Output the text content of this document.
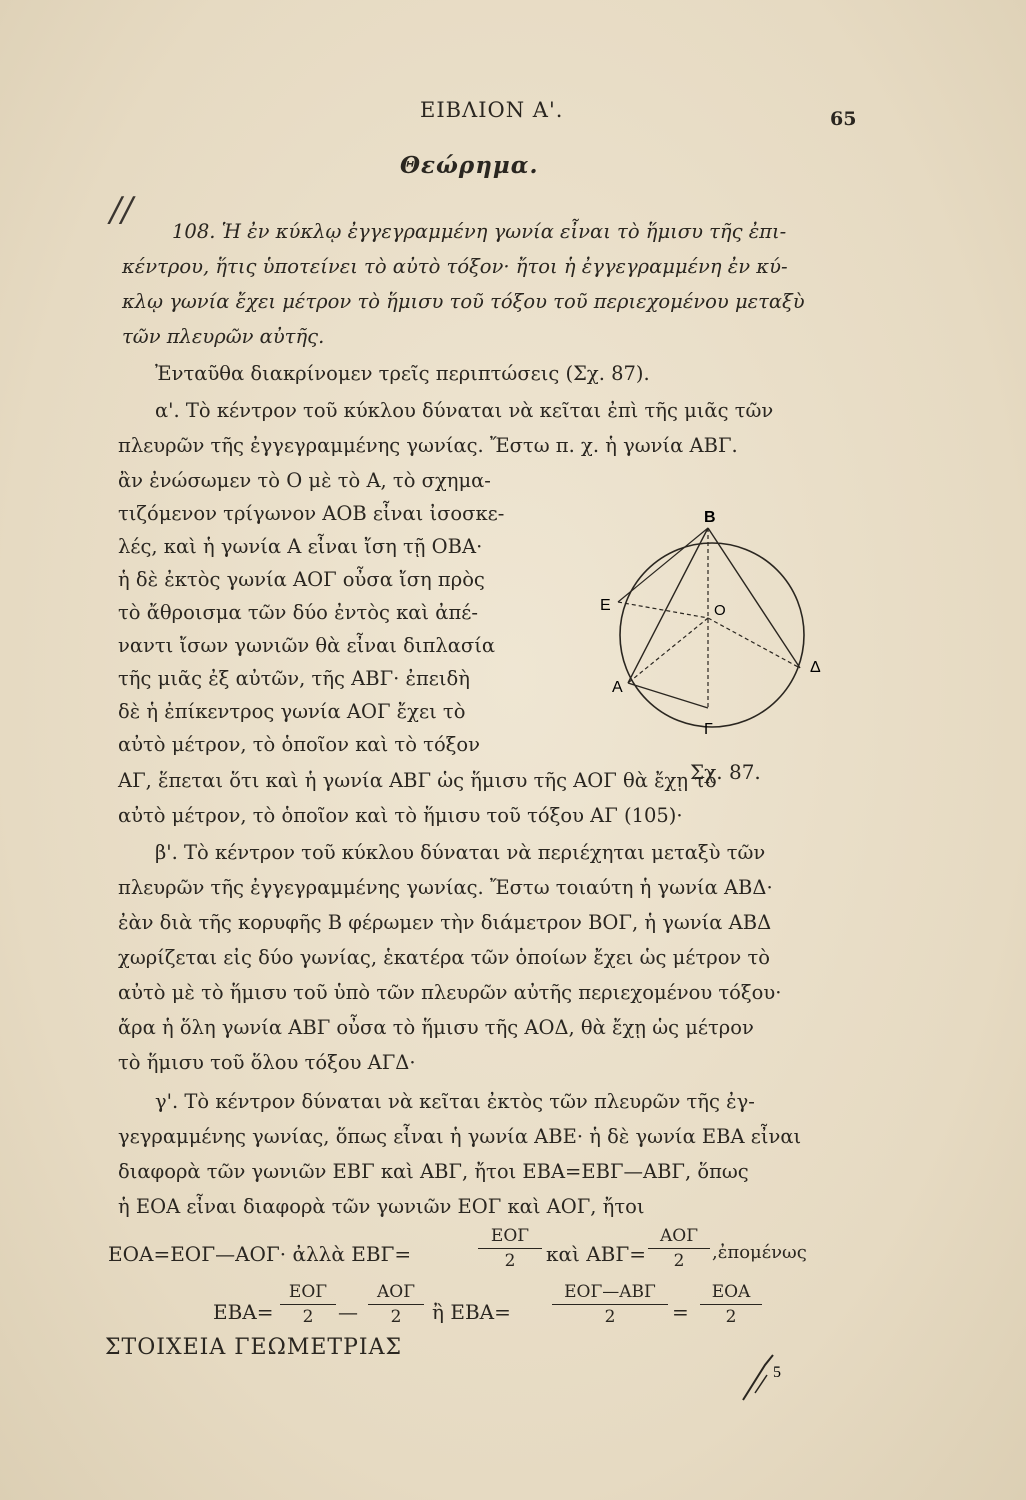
ΕΙΒΛΙΟΝ Α'.	65
Θεώρημα.
//
108. Ἡ ἐν κύκλῳ ἐγγεγραμμένη γωνία εἶναι τὸ ἥμισυ τῆς ἐπι-
κέντρου, ἥτις ὑποτείνει τὸ αὐτὸ τόξον· ἤτοι ἡ ἐγγεγραμμένη ἐν κύ-
κλῳ γωνία ἔχει μέτρον τὸ ἥμισυ τοῦ τόξου τοῦ περιεχομένου μεταξὺ
τῶν πλευρῶν αὐτῆς.
Ἐνταῦθα διακρίνομεν τρεῖς περιπτώσεις (Σχ. 87).
α'. Τὸ κέντρον τοῦ κύκλου δύναται νὰ κεῖται ἐπὶ τῆς μιᾶς τῶν
πλευρῶν τῆς ἐγγεγραμμένης γωνίας. Ἔστω π. χ. ἡ γωνία ΑΒΓ.
ἂν ἐνώσωμεν τὸ Ο μὲ τὸ Α, τὸ σχημα-
τιζόμενον τρίγωνον ΑΟΒ εἶναι ἰσοσκε-
λές, καὶ ἡ γωνία Α εἶναι ἴση τῇ ΟΒΑ·
ἡ δὲ ἐκτὸς γωνία ΑΟΓ οὖσα ἴση πρὸς
τὸ ἄθροισμα τῶν δύο ἐντὸς καὶ ἀπέ-
ναντι ἴσων γωνιῶν θὰ εἶναι διπλασία
τῆς μιᾶς ἐξ αὐτῶν, τῆς ΑΒΓ· ἐπειδὴ
δὲ ἡ ἐπίκεντρος γωνία ΑΟΓ ἔχει τὸ
αὐτὸ μέτρον, τὸ ὁποῖον καὶ τὸ τόξον
ΑΓ, ἕπεται ὅτι καὶ ἡ γωνία ΑΒΓ ὡς ἥμισυ τῆς ΑΟΓ θὰ ἔχῃ τὸ
αὐτὸ μέτρον, τὸ ὁποῖον καὶ τὸ ἥμισυ τοῦ τόξου ΑΓ (105)·
β'. Τὸ κέντρον τοῦ κύκλου δύναται νὰ περιέχηται μεταξὺ τῶν
πλευρῶν τῆς ἐγγεγραμμένης γωνίας. Ἔστω τοιαύτη ἡ γωνία ΑΒΔ·
ἐὰν διὰ τῆς κορυφῆς Β φέρωμεν τὴν διάμετρον ΒΟΓ, ἡ γωνία ΑΒΔ
χωρίζεται εἰς δύο γωνίας, ἑκατέρα τῶν ὁποίων ἔχει ὡς μέτρον τὸ
αὐτὸ μὲ τὸ ἥμισυ τοῦ ὑπὸ τῶν πλευρῶν αὐτῆς περιεχομένου τόξου·
ἄρα ἡ ὅλη γωνία ΑΒΓ οὖσα τὸ ἥμισυ τῆς ΑΟΔ, θὰ ἔχῃ ὡς μέτρον
τὸ ἥμισυ τοῦ ὅλου τόξου ΑΓΔ·
γ'. Τὸ κέντρον δύναται νὰ κεῖται ἐκτὸς τῶν πλευρῶν τῆς ἐγ-
γεγραμμένης γωνίας, ὅπως εἶναι ἡ γωνία ΑΒΕ· ἡ δὲ γωνία ΕΒΑ εἶναι
διαφορὰ τῶν γωνιῶν ΕΒΓ καὶ ΑΒΓ, ἤτοι ΕΒΑ=ΕΒΓ—ΑΒΓ, ὅπως
ἡ ΕΟΑ εἶναι διαφορὰ τῶν γωνιῶν ΕΟΓ καὶ ΑΟΓ, ἤτοι
ΕΟΑ=ΕΟΓ—ΑΟΓ· ἀλλὰ ΕΒΓ=
ΕΟΓ
2	καὶ ΑΒΓ=
ΑΟΓ
2	,ἐπομένως
ΕΒΑ=
ΕΟΓ
2	—
ΑΟΓ
2	ἢ ΕΒΑ=
ΕΟΓ—ΑΒΓ
2	=
ΕΟΑ
2
B
E	O
A
Δ
Γ
Σχ. 87.
ΣΤΟΙΧΕΙΑ ΓΕΩΜΕΤΡΙΑΣ
5
